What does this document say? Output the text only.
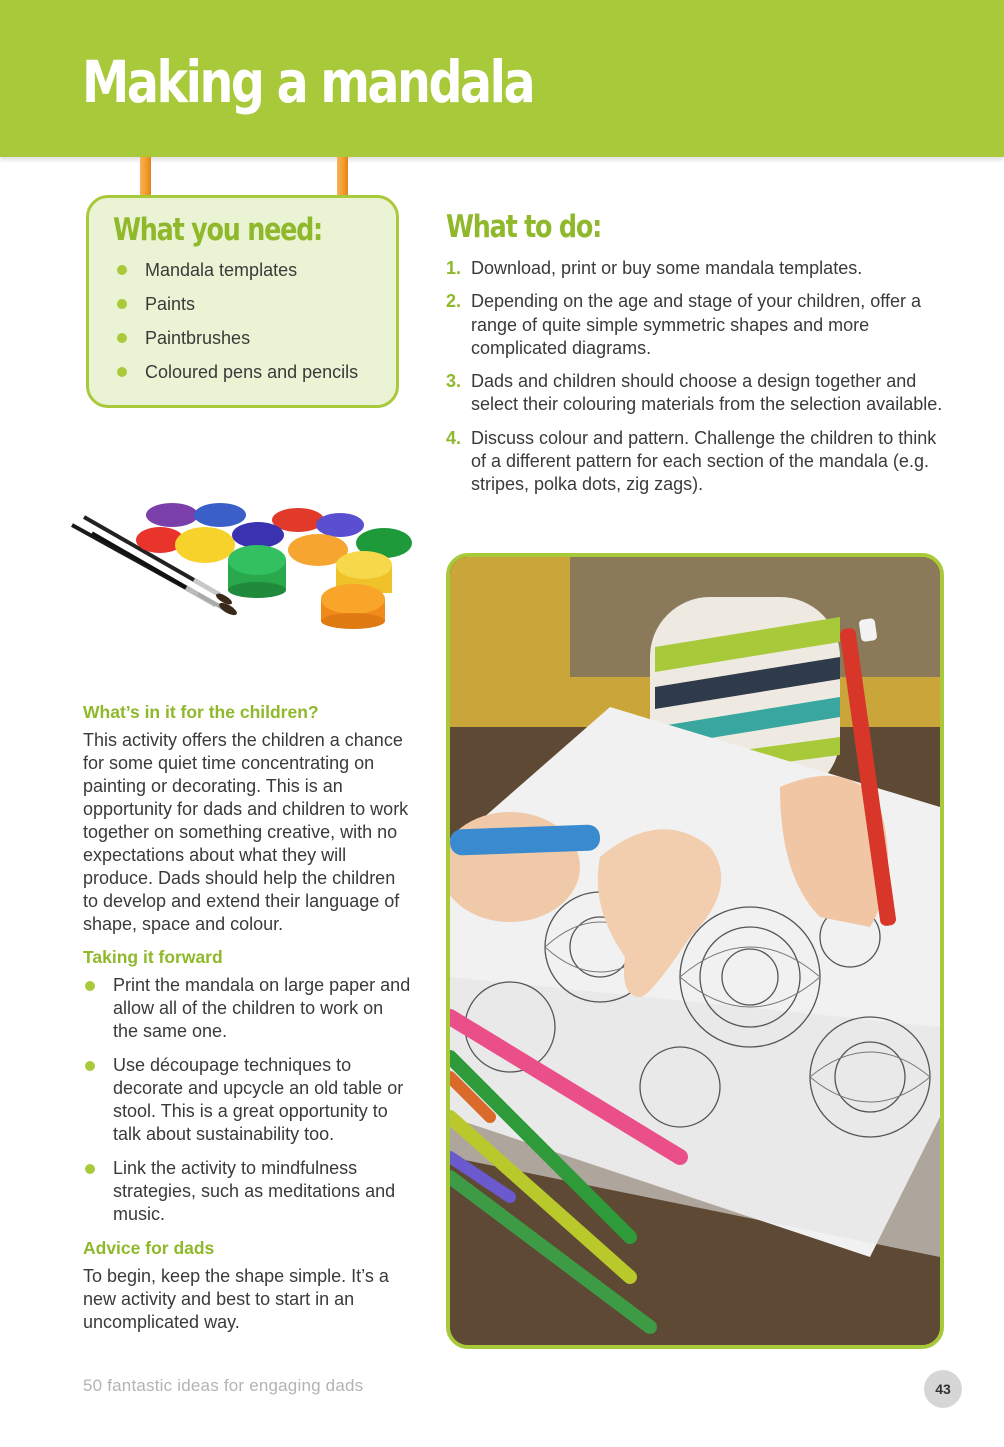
Making a mandala
What you need:
Mandala templates
Paints
Paintbrushes
Coloured pens and pencils
What to do:
1. Download, print or buy some mandala templates.
2. Depending on the age and stage of your children, offer a range of quite simple symmetric shapes and more complicated diagrams.
3. Dads and children should choose a design together and select their colouring materials from the selection available.
4. Discuss colour and pattern. Challenge the children to think of a different pattern for each section of the mandala (e.g. stripes, polka dots, zig zags).
What’s in it for the children?

This activity offers the children a chance for some quiet time concentrating on painting or decorating. This is an opportunity for dads and children to work together on something creative, with no expectations about what they will produce. Dads should help the children to develop and extend their language of shape, space and colour.

Taking it forward
Print the mandala on large paper and allow all of the children to work on the same one.
Use découpage techniques to decorate and upcycle an old table or stool. This is a great opportunity to talk about sustainability too.
Link the activity to mindfulness strategies, such as meditations and music.
Advice for dads

To begin, keep the shape simple. It’s a new activity and best to start in an uncomplicated way.

50 fantastic ideas for engaging dads	43
